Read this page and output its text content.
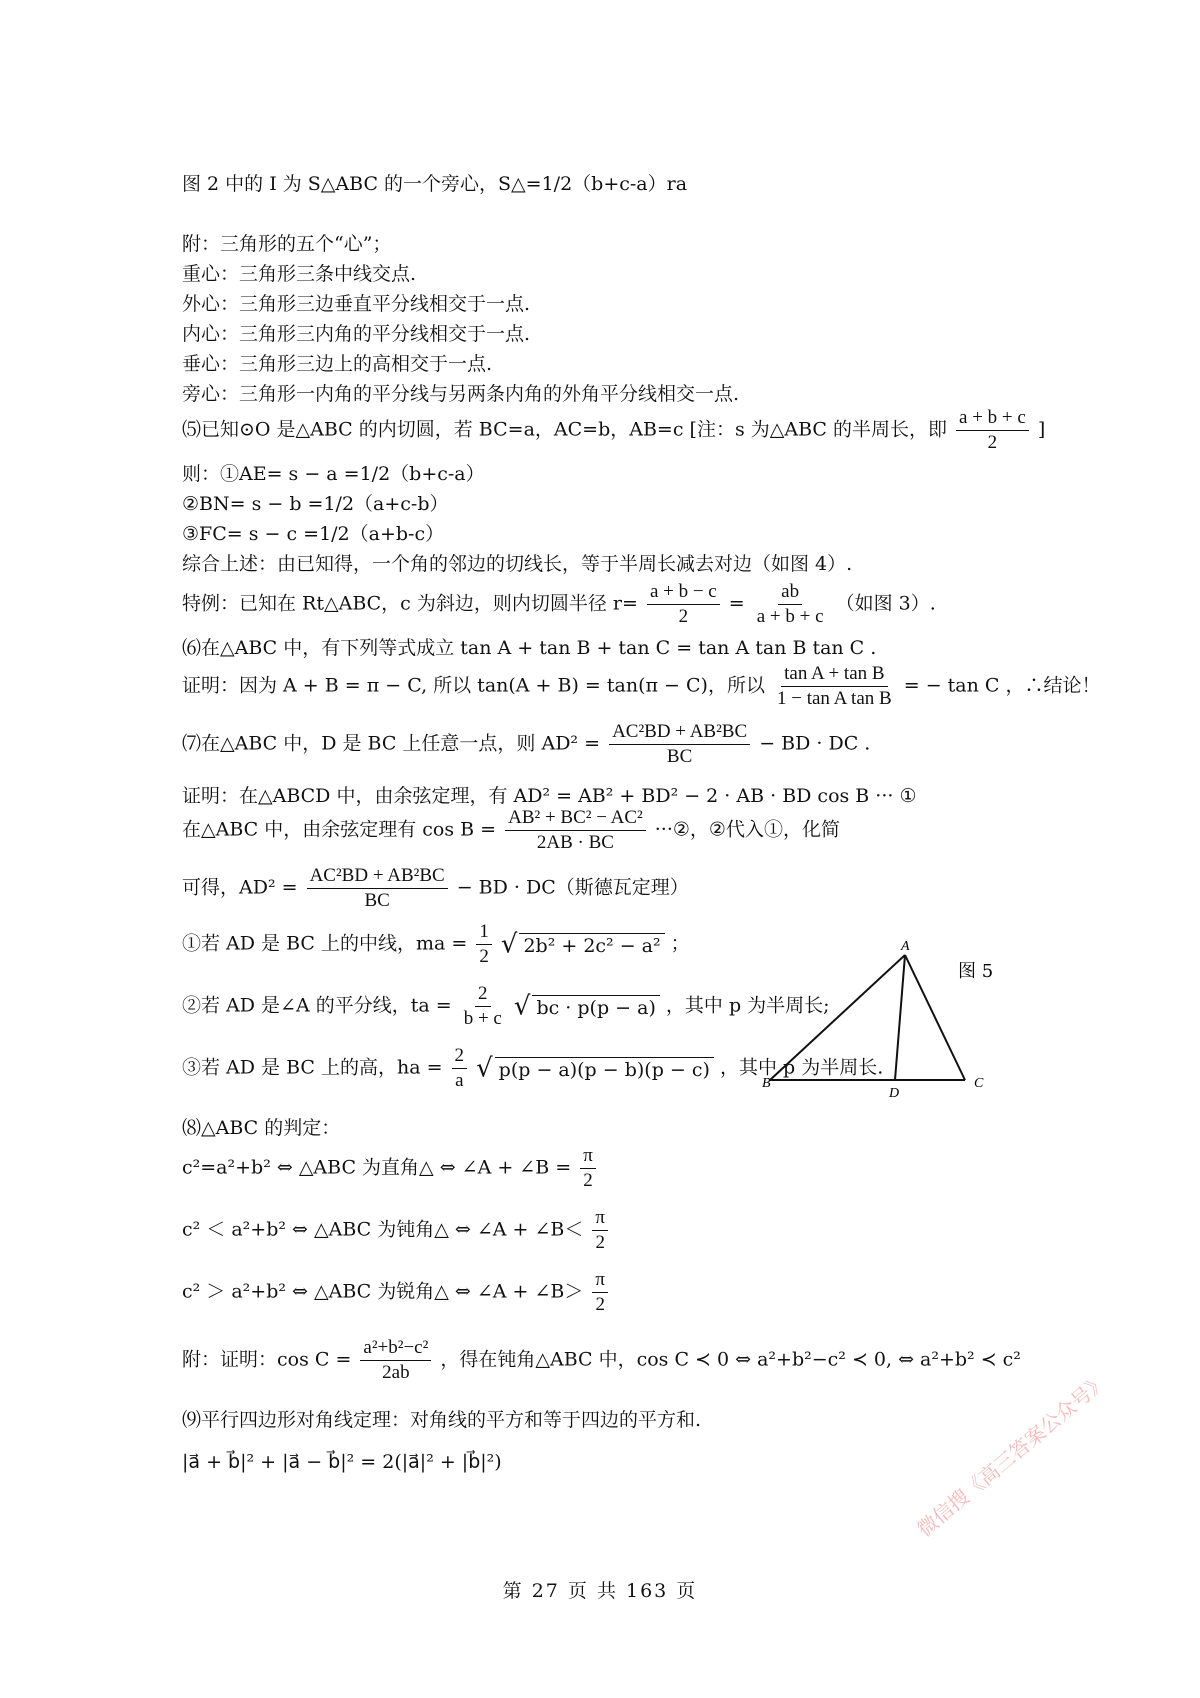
图 2 中的 I 为 S△ABC 的一个旁心，S△=1/2（b+c-a）ra
附：三角形的五个“心”；
重心：三角形三条中线交点.
外心：三角形三边垂直平分线相交于一点.
内心：三角形三内角的平分线相交于一点.
垂心：三角形三边上的高相交于一点.
旁心：三角形一内角的平分线与另两条内角的外角平分线相交一点.
⑸已知⊙O 是△ABC 的内切圆，若 BC=a，AC=b，AB=c [注：s 为△ABC 的半周长，即 $\frac{a + b + c}{2}$ ]
则：①AE= s − a =1/2（b+c-a）
②BN= s − b =1/2（a+c-b）
③FC= s − c =1/2（a+b-c）
综合上述：由已知得，一个角的邻边的切线长，等于半周长减去对边（如图 4）.
特例：已知在 Rt△ABC，c 为斜边，则内切圆半径 $r= \frac{a + b - c}{2} = \frac{ab}{a + b + c}$ （如图 3）.
⑹在△ABC 中，有下列等式成立 tan A + tan B + tan C = tan A tan B tan C .
证明：因为 A + B = π − C, 所以 tan(A + B) = tan(π − C)，所以 $\frac{\text{tan A + tan B}}{\text{1 − tan A tan B}}$ = − tan C ，∴结论！
⑺在△ABC 中，D 是 BC 上任意一点，则 $AD^2 = \frac{\text{AC²BD + AB²BC}}{BC}$ − BD · DC .
证明：在△ABCD 中，由余弦定理，有 AD² = AB² + BD² − 2 · AB · BD cos B ··· ①
在△ABC 中，由余弦定理有 $\cos B = \frac{\text{AB² + BC² − AC²}}{2AB \cdot BC}$ ···②，②代入①，化简
可得，$AD^2 = \frac{\text{AC²BD + AB²BC}}{BC}$ − BD · DC（斯德瓦定理）
①若 AD 是 BC 上的中线，ma = $\frac{1}{2}$ √ 2b² + 2c² − a² ；
②若 AD 是∠A 的平分线，ta = $\frac{2}{b + c}$ √ bc · p(p − a) ，其中 p 为半周长;
③若 AD 是 BC 上的高，ha = $\frac{2}{a}$ √ p(p − a)(p − b)(p − c) ，其中 p 为半周长.
⑻△ABC 的判定：
c²=a²+b² ⇔ △ABC 为直角△ ⇔ ∠A + ∠B = $\frac{\pi}{2}$
c² ＜ a²+b² ⇔ △ABC 为钝角△ ⇔ ∠A + ∠B＜ $\frac{\pi}{2}$
c² ＞ a²+b² ⇔ △ABC 为锐角△ ⇔ ∠A + ∠B＞ $\frac{\pi}{2}$
附：证明：$\cos C = \frac{\text{a²+b²−c²}}{2ab}$ ，得在钝角△ABC 中，cos C ≺ 0 ⇔ a²+b²−c² ≺ 0, ⇔ a²+b² ≺ c²
⑼平行四边形对角线定理：对角线的平方和等于四边的平方和.
|a⃗ + b⃗|² + |a⃗ − b⃗|² = 2(|a⃗|² + |b⃗|²)
A
B	C
D
图 5
第 27 页 共 163 页
微信搜《高三答案公众号》
